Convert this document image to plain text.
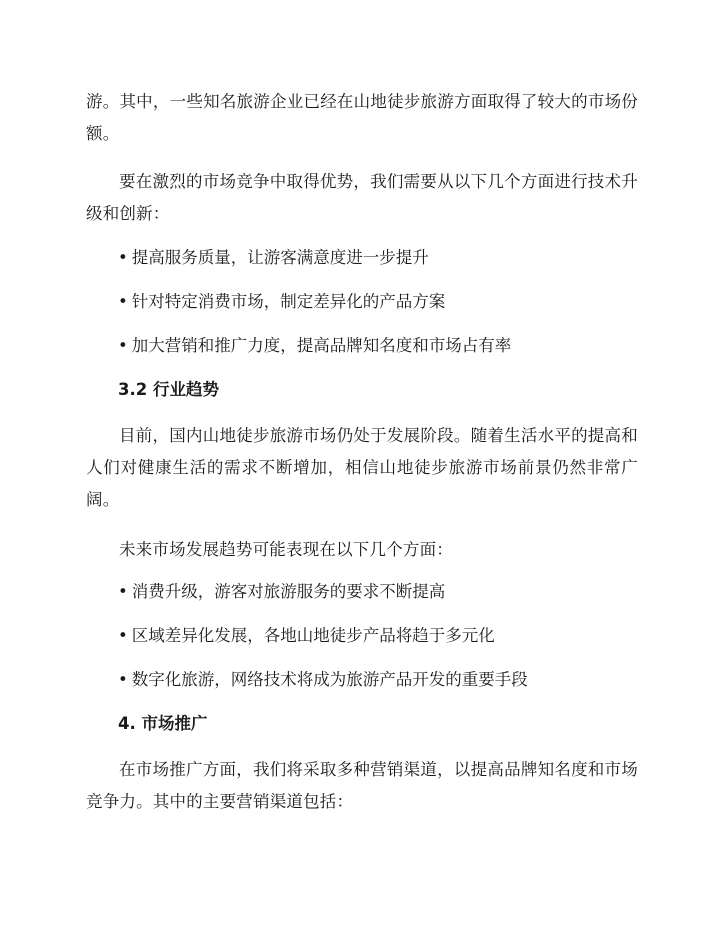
游。其中，一些知名旅游企业已经在山地徒步旅游方面取得了较大的市场份额。

要在激烈的市场竞争中取得优势，我们需要从以下几个方面进行技术升级和创新：

• 提高服务质量，让游客满意度进一步提升

• 针对特定消费市场，制定差异化的产品方案

• 加大营销和推广力度，提高品牌知名度和市场占有率

3.2 行业趋势

目前，国内山地徒步旅游市场仍处于发展阶段。随着生活水平的提高和人们对健康生活的需求不断增加，相信山地徒步旅游市场前景仍然非常广阔。

未来市场发展趋势可能表现在以下几个方面：

• 消费升级，游客对旅游服务的要求不断提高

• 区域差异化发展，各地山地徒步产品将趋于多元化

• 数字化旅游，网络技术将成为旅游产品开发的重要手段

4. 市场推广

在市场推广方面，我们将采取多种营销渠道，以提高品牌知名度和市场竞争力。其中的主要营销渠道包括：
